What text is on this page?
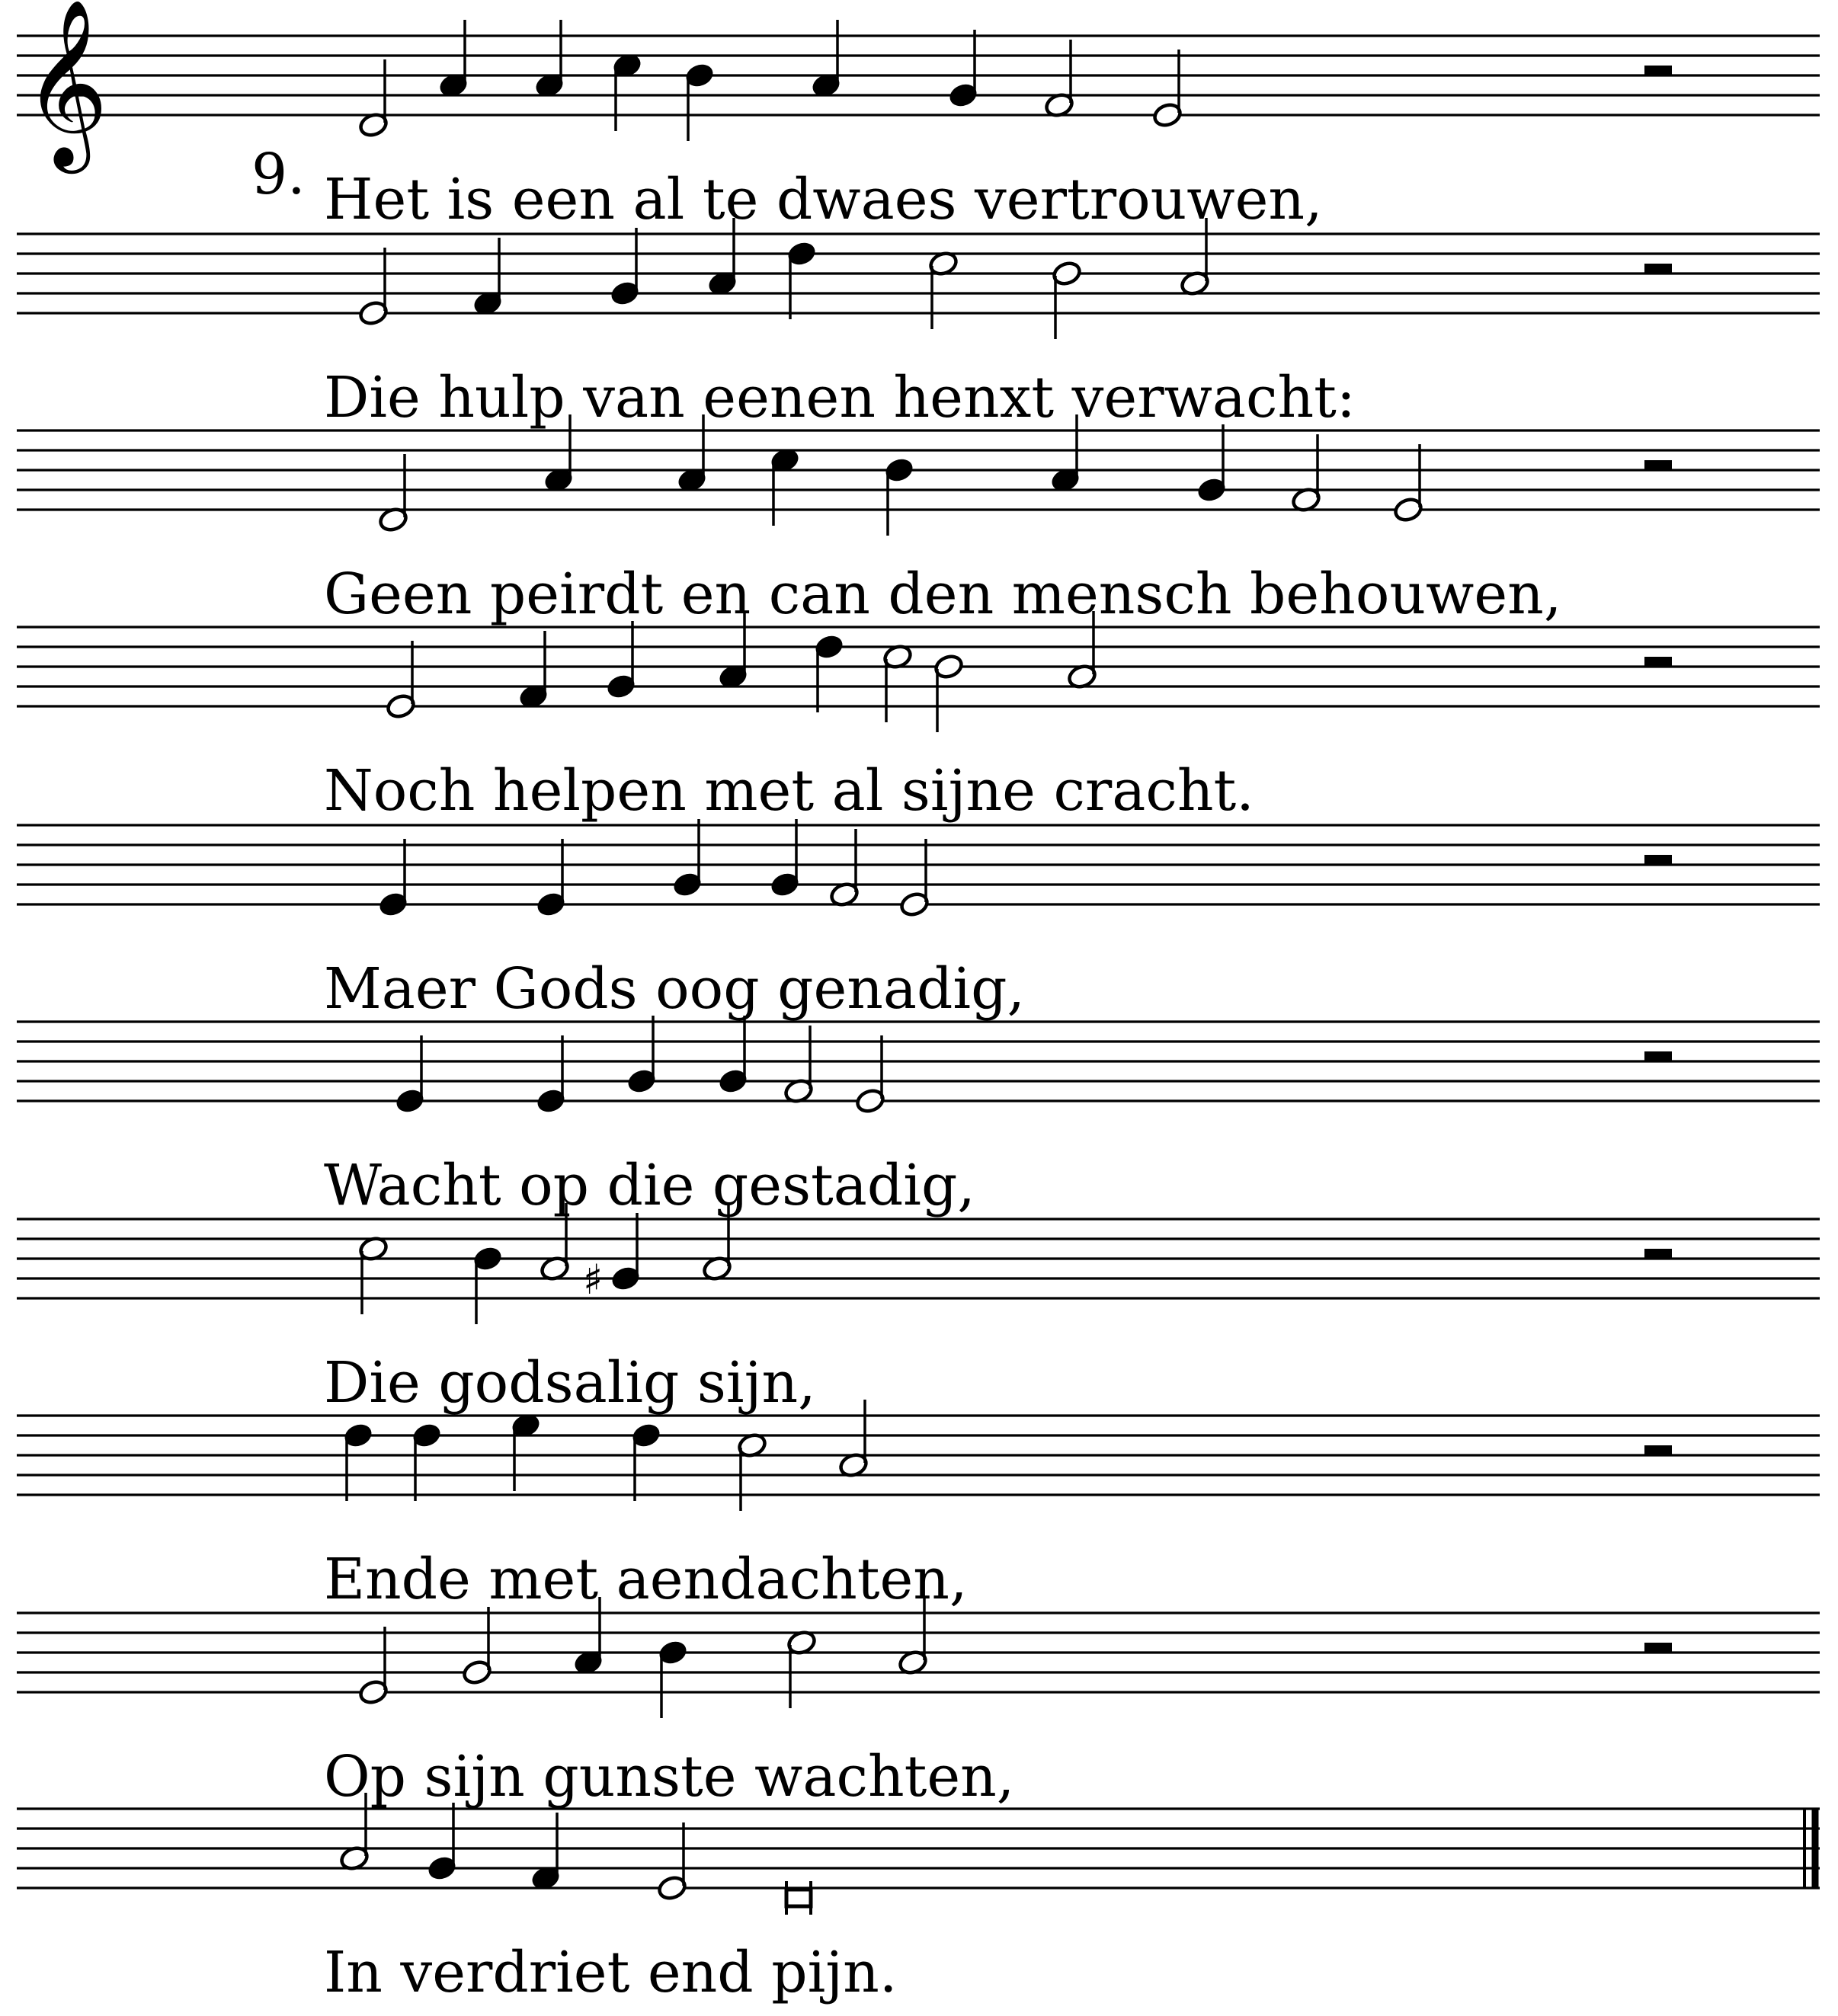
𝄞
♯
9. Het is een al te dwaes vertrouwen,
Die hulp van eenen henxt verwacht:
Geen peirdt en can den mensch behouwen,
Noch helpen met al sijne cracht.
Maer Gods oog genadig,
Wacht op die gestadig,
Die godsalig sijn,
Ende met aendachten,
Op sijn gunste wachten,
In verdriet end pijn.
